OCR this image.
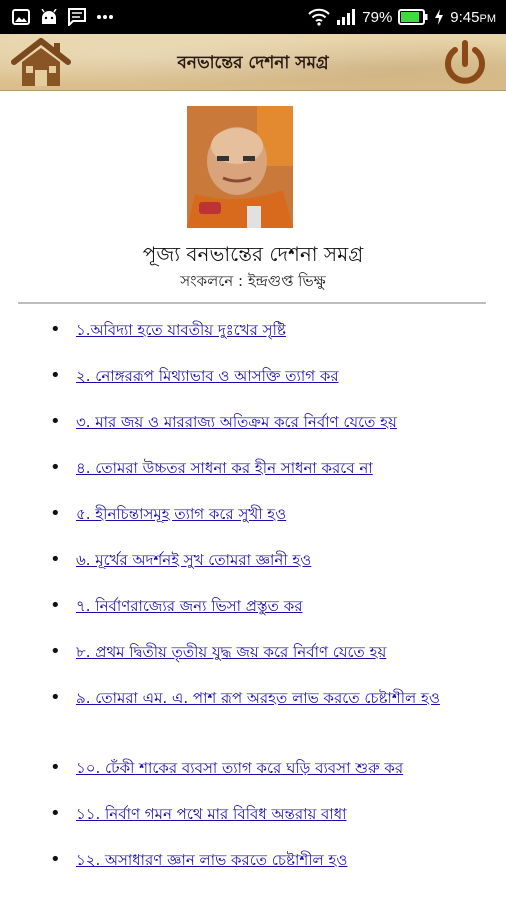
79%	9:45PM
বনভান্তের দেশনা সমগ্র
পূজ্য বনভান্তের দেশনা সমগ্র
সংকলনে : ইন্দ্রগুপ্ত ভিক্ষু
• ১.অবিদ্যা হতে যাবতীয় দুঃখের সৃষ্টি
• ২. নোঙ্গররূপ মিথ্যাভাব ও আসক্তি ত্যাগ কর
• ৩. মার জয় ও মাররাজ্য অতিক্রম করে নির্বাণ যেতে হয়
• ৪. তোমরা উচ্চতর সাধনা কর হীন সাধনা করবে না
• ৫. হীনচিন্তাসমূহ ত্যাগ করে সুখী হও
• ৬. মূর্খের অদর্শনই সুখ তোমরা জ্ঞানী হও
• ৭. নির্বাণরাজ্যের জন্য ভিসা প্রস্তুত কর
• ৮. প্রথম দ্বিতীয় তৃতীয় যুদ্ধ জয় করে নির্বাণ যেতে হয়
• ৯. তোমরা এম. এ. পাশ রূপ অরহত লাভ করতে চেষ্টাশীল হও
• ১০. ঢেঁকী শাকের ব্যবসা ত্যাগ করে ঘড়ি ব্যবসা শুরু কর
• ১১. নির্বাণ গমন পথে মার বিবিধ অন্তরায় বাধা
• ১২. অসাধারণ জ্ঞান লাভ করতে চেষ্টাশীল হও
